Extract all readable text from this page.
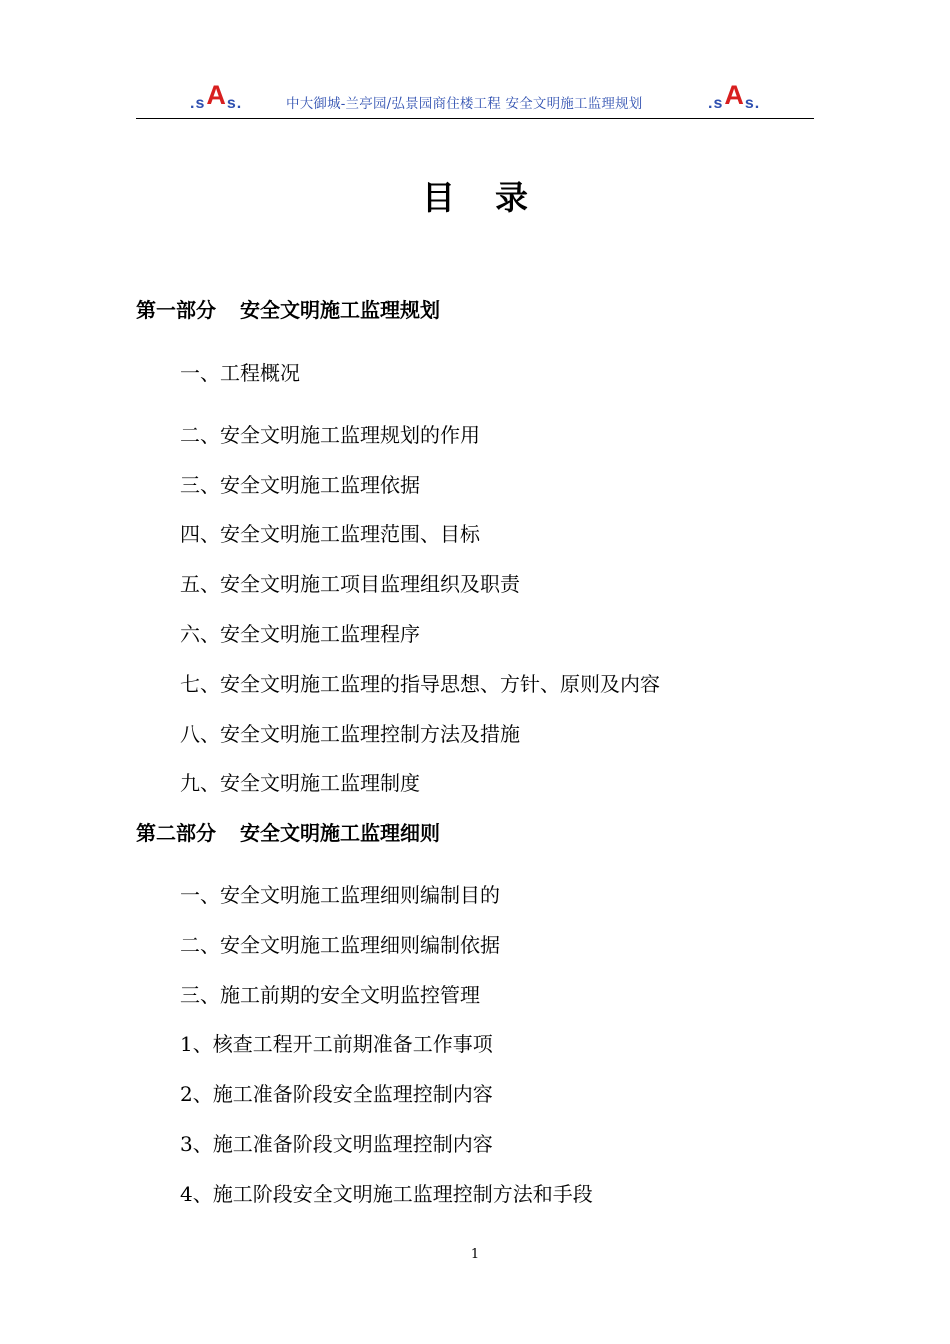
.sAs.	中大御城-兰亭园/弘景园商住楼工程 安全文明施工监理规划	.sAs.
目录
第一部分 安全文明施工监理规划
一、工程概况
二、安全文明施工监理规划的作用
三、安全文明施工监理依据
四、安全文明施工监理范围、目标
五、安全文明施工项目监理组织及职责
六、安全文明施工监理程序
七、安全文明施工监理的指导思想、方针、原则及内容
八、安全文明施工监理控制方法及措施
九、安全文明施工监理制度
第二部分 安全文明施工监理细则
一、安全文明施工监理细则编制目的
二、安全文明施工监理细则编制依据
三、施工前期的安全文明监控管理
1、核查工程开工前期准备工作事项
2、施工准备阶段安全监理控制内容
3、施工准备阶段文明监理控制内容
4、施工阶段安全文明施工监理控制方法和手段
1
